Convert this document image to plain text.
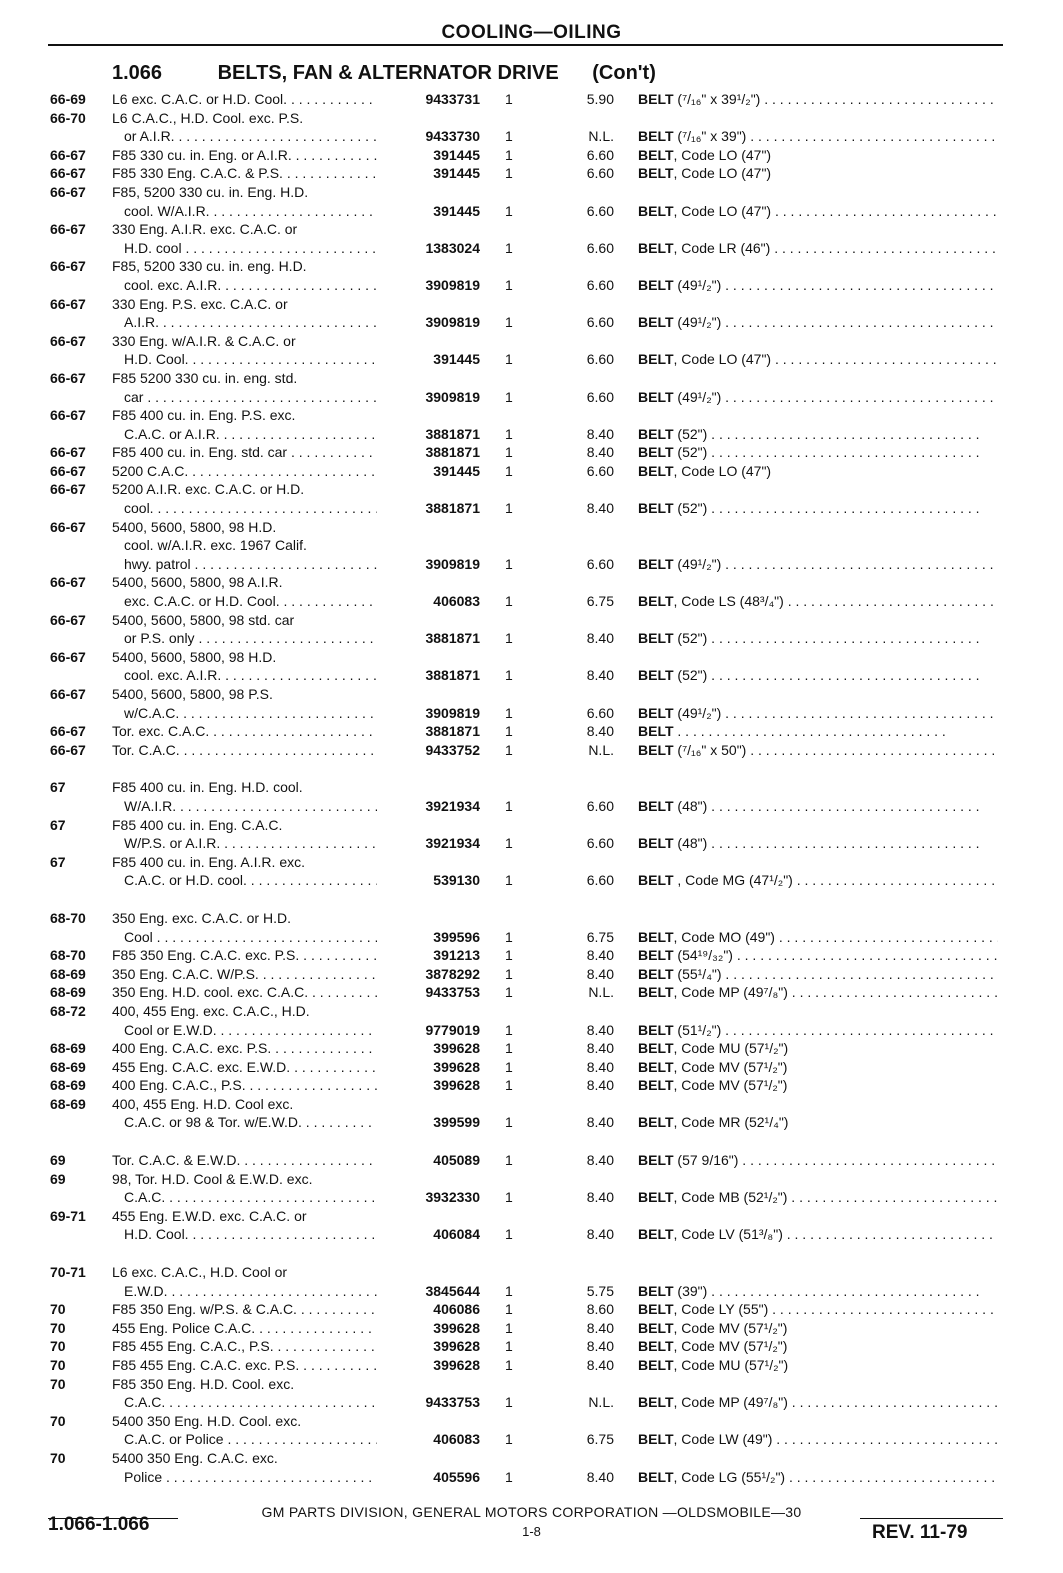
COOLING—OILING
1.066	BELTS, FAN & ALTERNATOR DRIVE (Con't)
66-69 L6 exc. C.A.C. or H.D. Cool. . . .	9433731 1	5.90 BELT (⁷/₁₆" x 39¹/₂") . . .
66-70 L6 C.A.C., H.D. Cool. exc. P.S.
or A.I.R. . . .	9433730 1	N.L. BELT (⁷/₁₆" x 39") . . .
66-67 F85 330 cu. in. Eng. or A.I.R. . . .	391445 1	6.60 BELT, Code LO (47")
66-67 F85 330 Eng. C.A.C. & P.S. . . .	391445 1	6.60 BELT, Code LO (47")
66-67 F85, 5200 330 cu. in. Eng. H.D.
cool. W/A.I.R. . . .	391445 1	6.60 BELT, Code LO (47") . . .
66-67 330 Eng. A.I.R. exc. C.A.C. or
H.D. cool . . .	1383024 1	6.60 BELT, Code LR (46") . . .
66-67 F85, 5200 330 cu. in. eng. H.D.
cool. exc. A.I.R. . . .	3909819 1	6.60 BELT (49¹/₂") . . .
66-67 330 Eng. P.S. exc. C.A.C. or
A.I.R. . . .	3909819 1	6.60 BELT (49¹/₂") . . .
66-67 330 Eng. w/A.I.R. & C.A.C. or
H.D. Cool. . . .	391445 1	6.60 BELT, Code LO (47") . . .
66-67 F85 5200 330 cu. in. eng. std.
car . . .	3909819 1	6.60 BELT (49¹/₂") . . .
66-67 F85 400 cu. in. Eng. P.S. exc.
C.A.C. or A.I.R. . . .	3881871 1	8.40 BELT (52") . . .
66-67 F85 400 cu. in. Eng. std. car . . .	3881871 1	8.40 BELT (52") . . .
66-67 5200 C.A.C. . . .	391445 1	6.60 BELT, Code LO (47")
66-67 5200 A.I.R. exc. C.A.C. or H.D.
cool. . . .	3881871 1	8.40 BELT (52") . . .
66-67 5400, 5600, 5800, 98 H.D.
cool. w/A.I.R. exc. 1967 Calif.
hwy. patrol . . .	3909819 1	6.60 BELT (49¹/₂") . . .
66-67 5400, 5600, 5800, 98 A.I.R.
exc. C.A.C. or H.D. Cool. . . .	406083 1	6.75 BELT, Code LS (48³/₄") . . .
66-67 5400, 5600, 5800, 98 std. car
or P.S. only . . .	3881871 1	8.40 BELT (52") . . .
66-67 5400, 5600, 5800, 98 H.D.
cool. exc. A.I.R. . . .	3881871 1	8.40 BELT (52") . . .
66-67 5400, 5600, 5800, 98 P.S.
w/C.A.C. . . .	3909819 1	6.60 BELT (49¹/₂") . . .
66-67 Tor. exc. C.A.C. . . .	3881871 1	8.40 BELT . . .
66-67 Tor. C.A.C. . . .	9433752 1	N.L. BELT (⁷/₁₆" x 50") . . .
67	F85 400 cu. in. Eng. H.D. cool.
W/A.I.R. . . .	3921934 1	6.60 BELT (48") . . .
67	F85 400 cu. in. Eng. C.A.C.
W/P.S. or A.I.R. . . .	3921934 1	6.60 BELT (48") . . .
67	F85 400 cu. in. Eng. A.I.R. exc.
C.A.C. or H.D. cool. . . .	539130 1	6.60 BELT , Code MG (47¹/₂") . . .
68-70 350 Eng. exc. C.A.C. or H.D.
Cool . . .	399596 1	6.75 BELT, Code MO (49") . . .
68-70 F85 350 Eng. C.A.C. exc. P.S. . . .	391213 1	8.40 BELT (54¹⁹/₃₂") . . .
68-69 350 Eng. C.A.C. W/P.S. . . .	3878292 1	8.40 BELT (55¹/₄") . . .
68-69 350 Eng. H.D. cool. exc. C.A.C. . . .	9433753 1	N.L. BELT, Code MP (49⁷/₈") . . .
68-72 400, 455 Eng. exc. C.A.C., H.D.
Cool or E.W.D. . . .	9779019 1	8.40 BELT (51¹/₂") . . .
68-69 400 Eng. C.A.C. exc. P.S. . . .	399628 1	8.40 BELT, Code MU (57¹/₂")
68-69 455 Eng. C.A.C. exc. E.W.D. . . .	399628 1	8.40 BELT, Code MV (57¹/₂")
68-69 400 Eng. C.A.C., P.S. . . .	399628 1	8.40 BELT, Code MV (57¹/₂")
68-69 400, 455 Eng. H.D. Cool exc.
C.A.C. or 98 & Tor. w/E.W.D. . . .	399599 1	8.40 BELT, Code MR (52¹/₄")
69	Tor. C.A.C. & E.W.D. . . .	405089 1	8.40 BELT (57 9/16") . . .
69	98, Tor. H.D. Cool & E.W.D. exc.
C.A.C. . . .	3932330 1	8.40 BELT, Code MB (52¹/₂") . . .
69-71 455 Eng. E.W.D. exc. C.A.C. or
H.D. Cool. . . .	406084 1	8.40 BELT, Code LV (51³/₈") . . .
70-71 L6 exc. C.A.C., H.D. Cool or
E.W.D. . . .	3845644 1	5.75 BELT (39") . . .
70	F85 350 Eng. w/P.S. & C.A.C. . . .	406086 1	8.60 BELT, Code LY (55") . . .
70	455 Eng. Police C.A.C. . . .	399628 1	8.40 BELT, Code MV (57¹/₂")
70	F85 455 Eng. C.A.C., P.S. . . .	399628 1	8.40 BELT, Code MV (57¹/₂")
70	F85 455 Eng. C.A.C. exc. P.S. . . .	399628 1	8.40 BELT, Code MU (57¹/₂")
70	F85 350 Eng. H.D. Cool. exc.
C.A.C. . . .	9433753 1	N.L. BELT, Code MP (49⁷/₈") . . .
70	5400 350 Eng. H.D. Cool. exc.
C.A.C. or Police . . .	406083 1	6.75 BELT, Code LW (49") . . .
70	5400 350 Eng. C.A.C. exc.
Police . . .	405596 1	8.40 BELT, Code LG (55¹/₂") . . .
GM PARTS DIVISION, GENERAL MOTORS CORPORATION —OLDSMOBILE—30
1.066-1.066	1-8	REV. 11-79
